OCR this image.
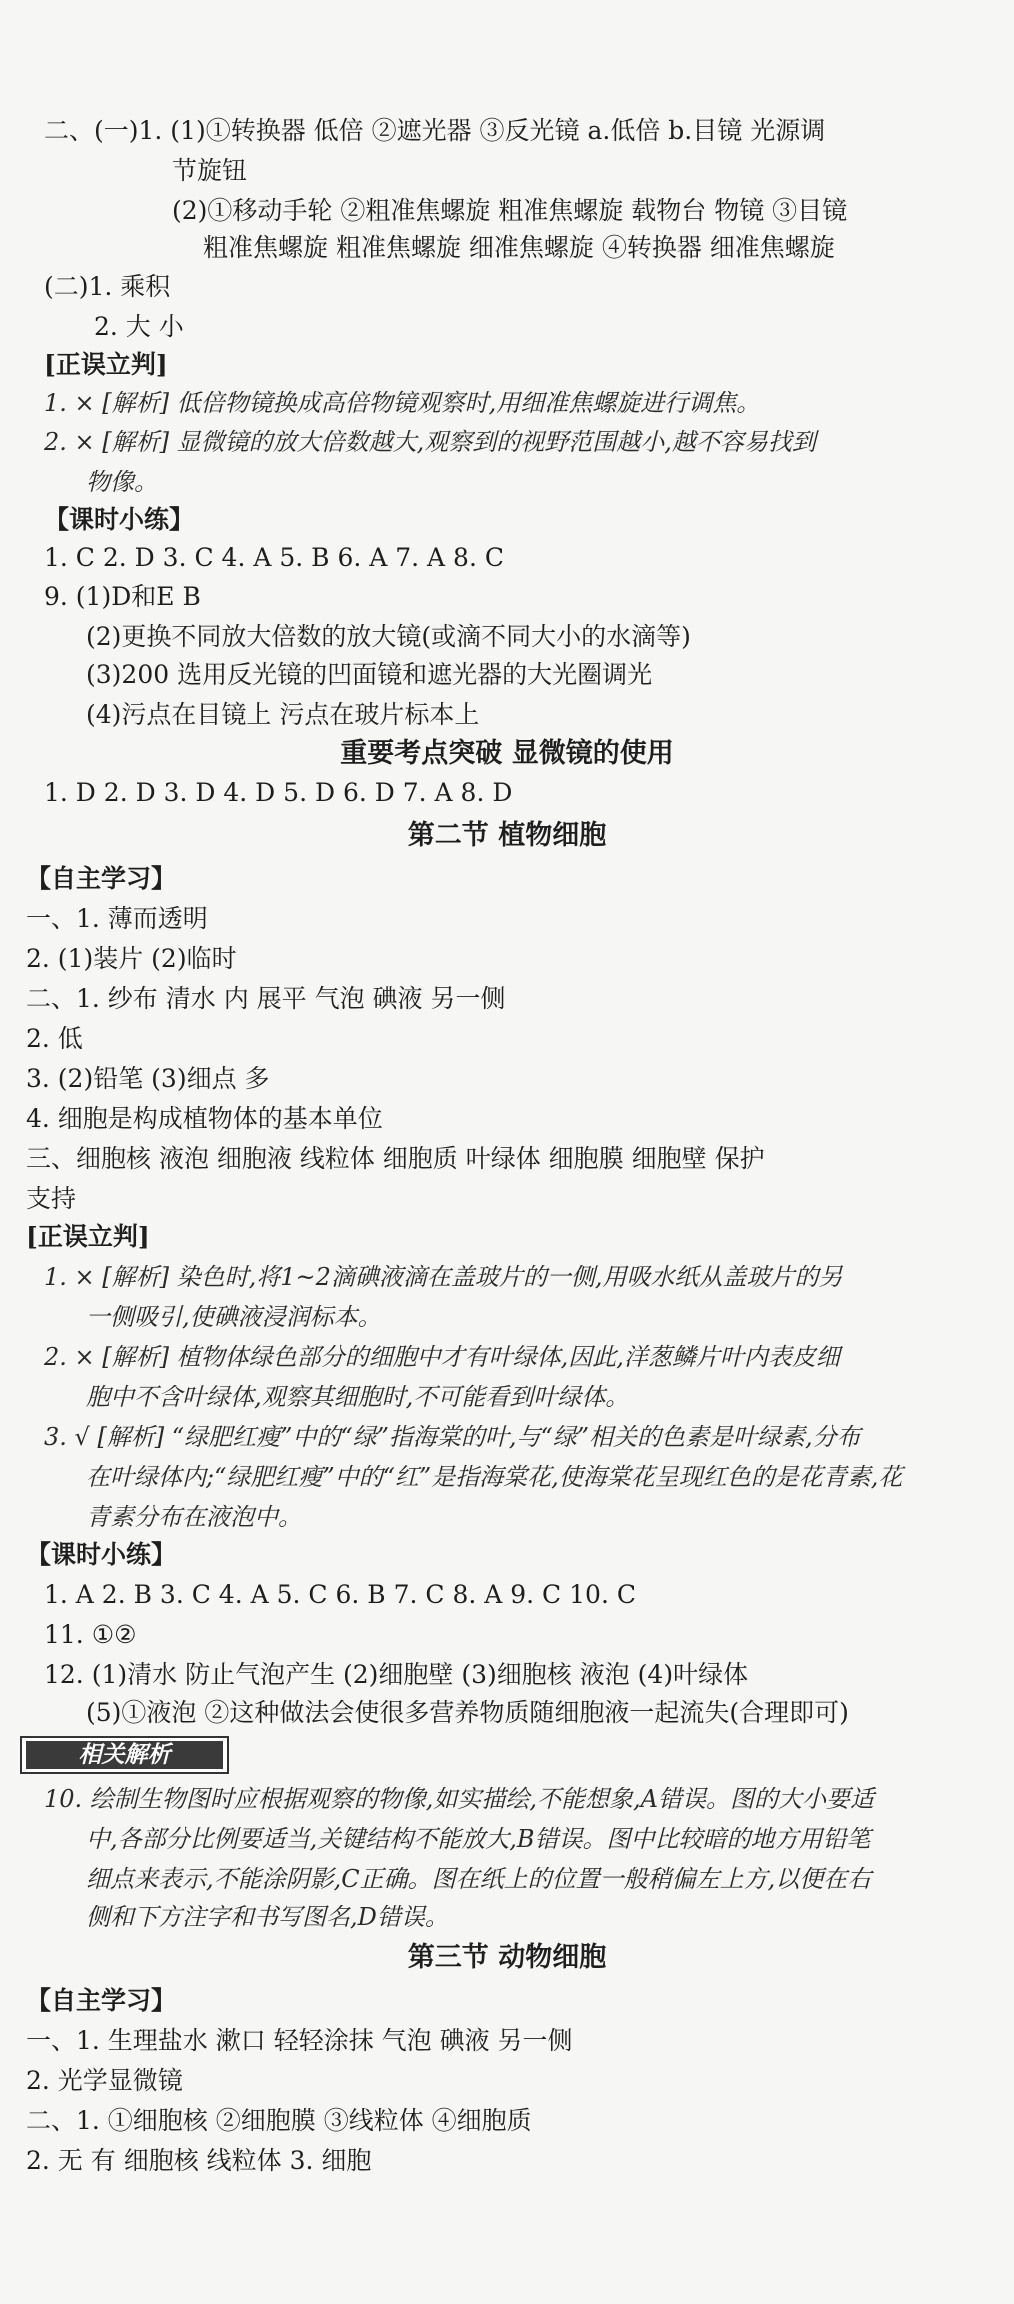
二、(一)1. (1)①转换器 低倍 ②遮光器 ③反光镜 a.低倍 b.目镜 光源调
节旋钮
(2)①移动手轮 ②粗准焦螺旋 粗准焦螺旋 载物台 物镜 ③目镜
粗准焦螺旋 粗准焦螺旋 细准焦螺旋 ④转换器 细准焦螺旋
(二)1. 乘积
2. 大 小
[正误立判]
1. × [解析] 低倍物镜换成高倍物镜观察时,用细准焦螺旋进行调焦。
2. × [解析] 显微镜的放大倍数越大,观察到的视野范围越小,越不容易找到
物像。
【课时小练】
1. C 2. D 3. C 4. A 5. B 6. A 7. A 8. C
9. (1)D和E B
(2)更换不同放大倍数的放大镜(或滴不同大小的水滴等)
(3)200 选用反光镜的凹面镜和遮光器的大光圈调光
(4)污点在目镜上 污点在玻片标本上
重要考点突破 显微镜的使用
1. D 2. D 3. D 4. D 5. D 6. D 7. A 8. D
第二节 植物细胞
【自主学习】
一、1. 薄而透明
2. (1)装片 (2)临时
二、1. 纱布 清水 内 展平 气泡 碘液 另一侧
2. 低
3. (2)铅笔 (3)细点 多
4. 细胞是构成植物体的基本单位
三、细胞核 液泡 细胞液 线粒体 细胞质 叶绿体 细胞膜 细胞壁 保护
支持
[正误立判]
1. × [解析] 染色时,将1~2滴碘液滴在盖玻片的一侧,用吸水纸从盖玻片的另
一侧吸引,使碘液浸润标本。
2. × [解析] 植物体绿色部分的细胞中才有叶绿体,因此,洋葱鳞片叶内表皮细
胞中不含叶绿体,观察其细胞时,不可能看到叶绿体。
3. √ [解析] “绿肥红瘦”中的“绿”指海棠的叶,与“绿”相关的色素是叶绿素,分布
在叶绿体内;“绿肥红瘦”中的“红”是指海棠花,使海棠花呈现红色的是花青素,花
青素分布在液泡中。
【课时小练】
1. A 2. B 3. C 4. A 5. C 6. B 7. C 8. A 9. C 10. C
11. ①②
12. (1)清水 防止气泡产生 (2)细胞壁 (3)细胞核 液泡 (4)叶绿体
(5)①液泡 ②这种做法会使很多营养物质随细胞液一起流失(合理即可)
相关解析
10. 绘制生物图时应根据观察的物像,如实描绘,不能想象,A错误。图的大小要适
中,各部分比例要适当,关键结构不能放大,B错误。图中比较暗的地方用铅笔
细点来表示,不能涂阴影,C正确。图在纸上的位置一般稍偏左上方,以便在右
侧和下方注字和书写图名,D错误。
第三节 动物细胞
【自主学习】
一、1. 生理盐水 漱口 轻轻涂抹 气泡 碘液 另一侧
2. 光学显微镜
二、1. ①细胞核 ②细胞膜 ③线粒体 ④细胞质
2. 无 有 细胞核 线粒体 3. 细胞
